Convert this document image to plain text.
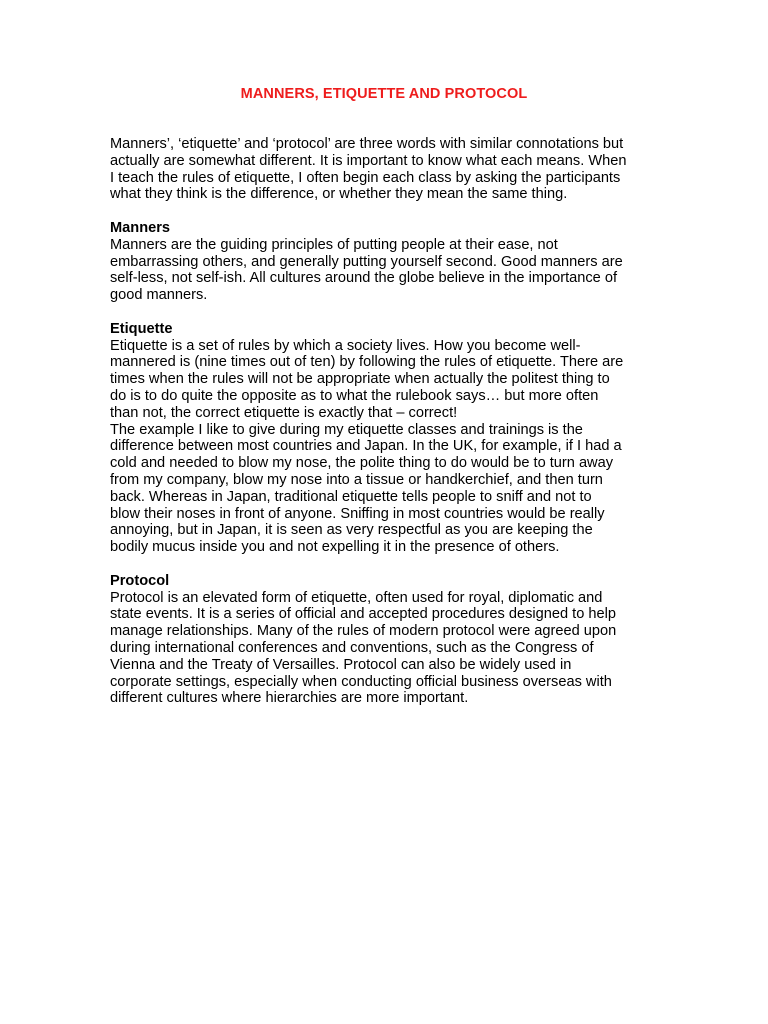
MANNERS, ETIQUETTE AND PROTOCOL

Manners’, ‘etiquette’ and ‘protocol’ are three words with similar connotations but
actually are somewhat different. It is important to know what each means. When
I teach the rules of etiquette, I often begin each class by asking the participants
what they think is the difference, or whether they mean the same thing.

Manners

Manners are the guiding principles of putting people at their ease, not
embarrassing others, and generally putting yourself second. Good manners are
self-less, not self-ish. All cultures around the globe believe in the importance of
good manners.

Etiquette

Etiquette is a set of rules by which a society lives. How you become well-
mannered is (nine times out of ten) by following the rules of etiquette. There are
times when the rules will not be appropriate when actually the politest thing to
do is to do quite the opposite as to what the rulebook says… but more often
than not, the correct etiquette is exactly that – correct!

The example I like to give during my etiquette classes and trainings is the
difference between most countries and Japan. In the UK, for example, if I had a
cold and needed to blow my nose, the polite thing to do would be to turn away
from my company, blow my nose into a tissue or handkerchief, and then turn
back. Whereas in Japan, traditional etiquette tells people to sniff and not to
blow their noses in front of anyone. Sniffing in most countries would be really
annoying, but in Japan, it is seen as very respectful as you are keeping the
bodily mucus inside you and not expelling it in the presence of others.

Protocol

Protocol is an elevated form of etiquette, often used for royal, diplomatic and
state events. It is a series of official and accepted procedures designed to help
manage relationships. Many of the rules of modern protocol were agreed upon
during international conferences and conventions, such as the Congress of
Vienna and the Treaty of Versailles. Protocol can also be widely used in
corporate settings, especially when conducting official business overseas with
different cultures where hierarchies are more important.
